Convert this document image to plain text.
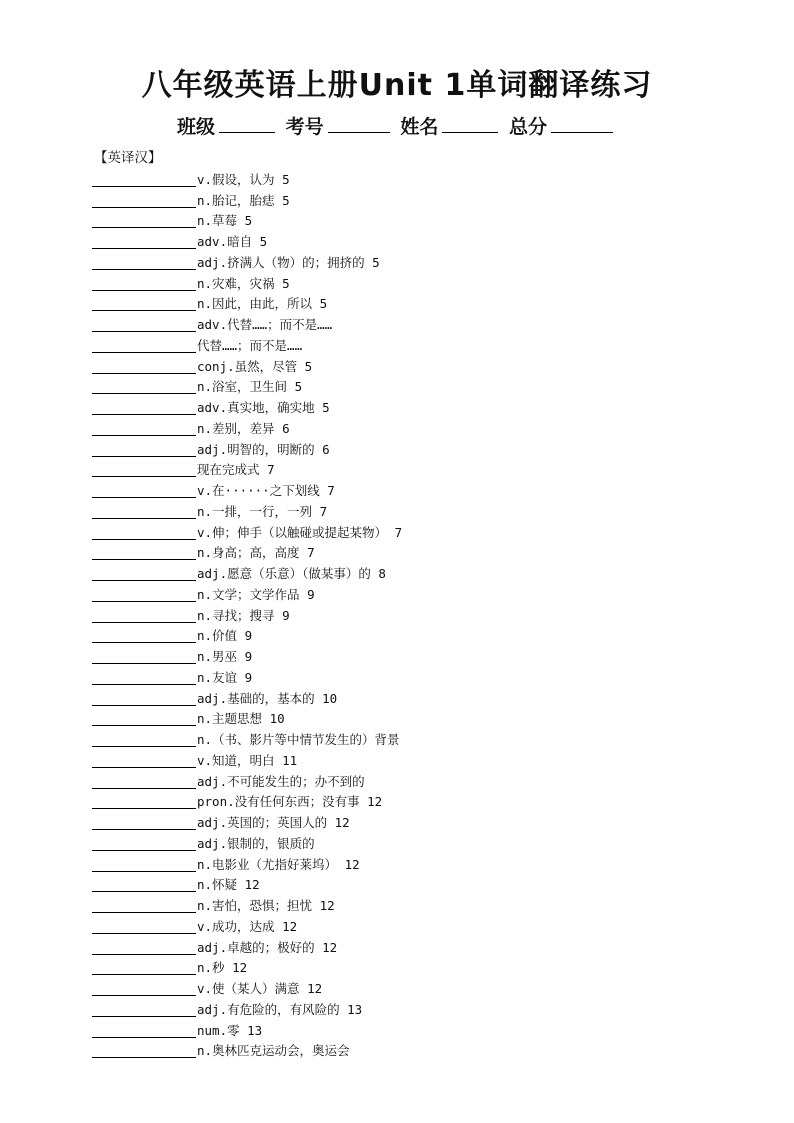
八年级英语上册Unit 1单词翻译练习
班级	考号	姓名	总分
【英译汉】
v.假设，认为 5
n.胎记，胎痣 5
n.草莓 5
adv.暗自 5
adj.挤满人（物）的；拥挤的 5
n.灾难，灾祸 5
n.因此，由此，所以 5
adv.代替……；而不是……
代替……；而不是……
conj.虽然，尽管 5
n.浴室，卫生间 5
adv.真实地，确实地 5
n.差别，差异 6
adj.明智的，明断的 6
现在完成式 7
v.在······之下划线 7
n.一排，一行，一列 7
v.伸；伸手（以触碰或提起某物） 7
n.身高；高，高度 7
adj.愿意（乐意）（做某事）的 8
n.文学；文学作品 9
n.寻找；搜寻 9
n.价值 9
n.男巫 9
n.友谊 9
adj.基础的，基本的 10
n.主题思想 10
n.（书、影片等中情节发生的）背景
v.知道，明白 11
adj.不可能发生的；办不到的
pron.没有任何东西；没有事 12
adj.英国的；英国人的 12
adj.银制的，银质的
n.电影业（尤指好莱坞） 12
n.怀疑 12
n.害怕，恐惧；担忧 12
v.成功，达成 12
adj.卓越的；极好的 12
n.秒 12
v.使（某人）满意 12
adj.有危险的，有风险的 13
num.零 13
n.奥林匹克运动会，奥运会
